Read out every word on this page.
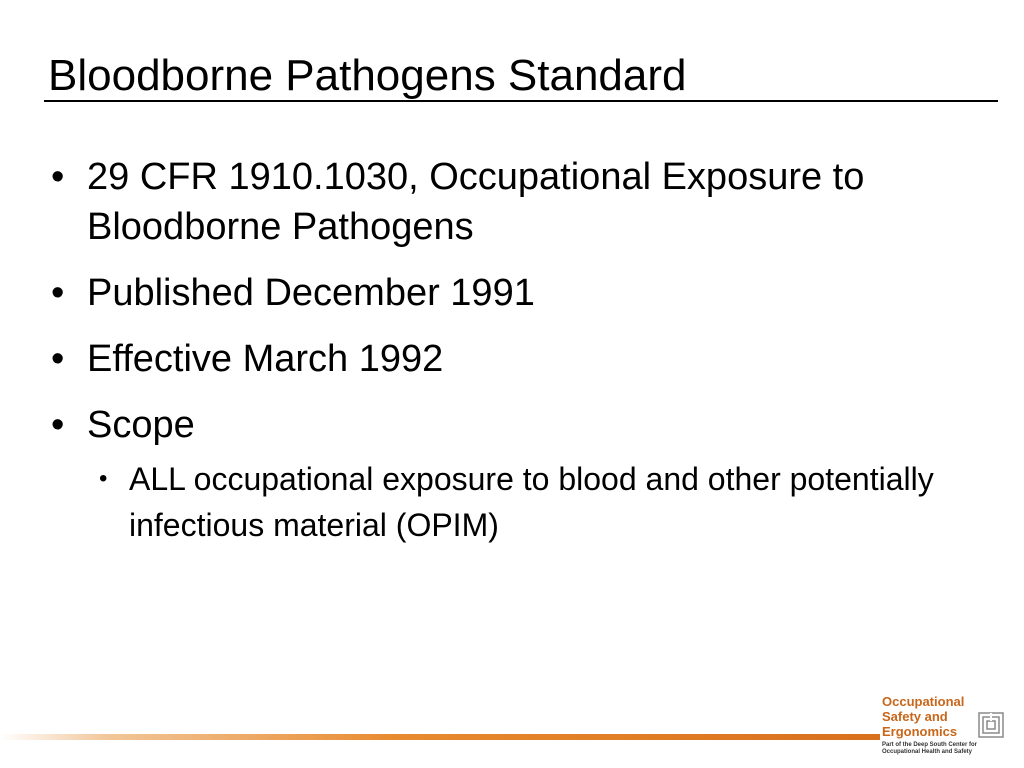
Bloodborne Pathogens Standard
• 29 CFR 1910.1030, Occupational Exposure to Bloodborne Pathogens
• Published December 1991
• Effective March 1992
• Scope
• ALL occupational exposure to blood and other potentially infectious material (OPIM)
Occupational
Safety and
Ergonomics
Part of the Deep South Center for
Occupational Health and Safety
